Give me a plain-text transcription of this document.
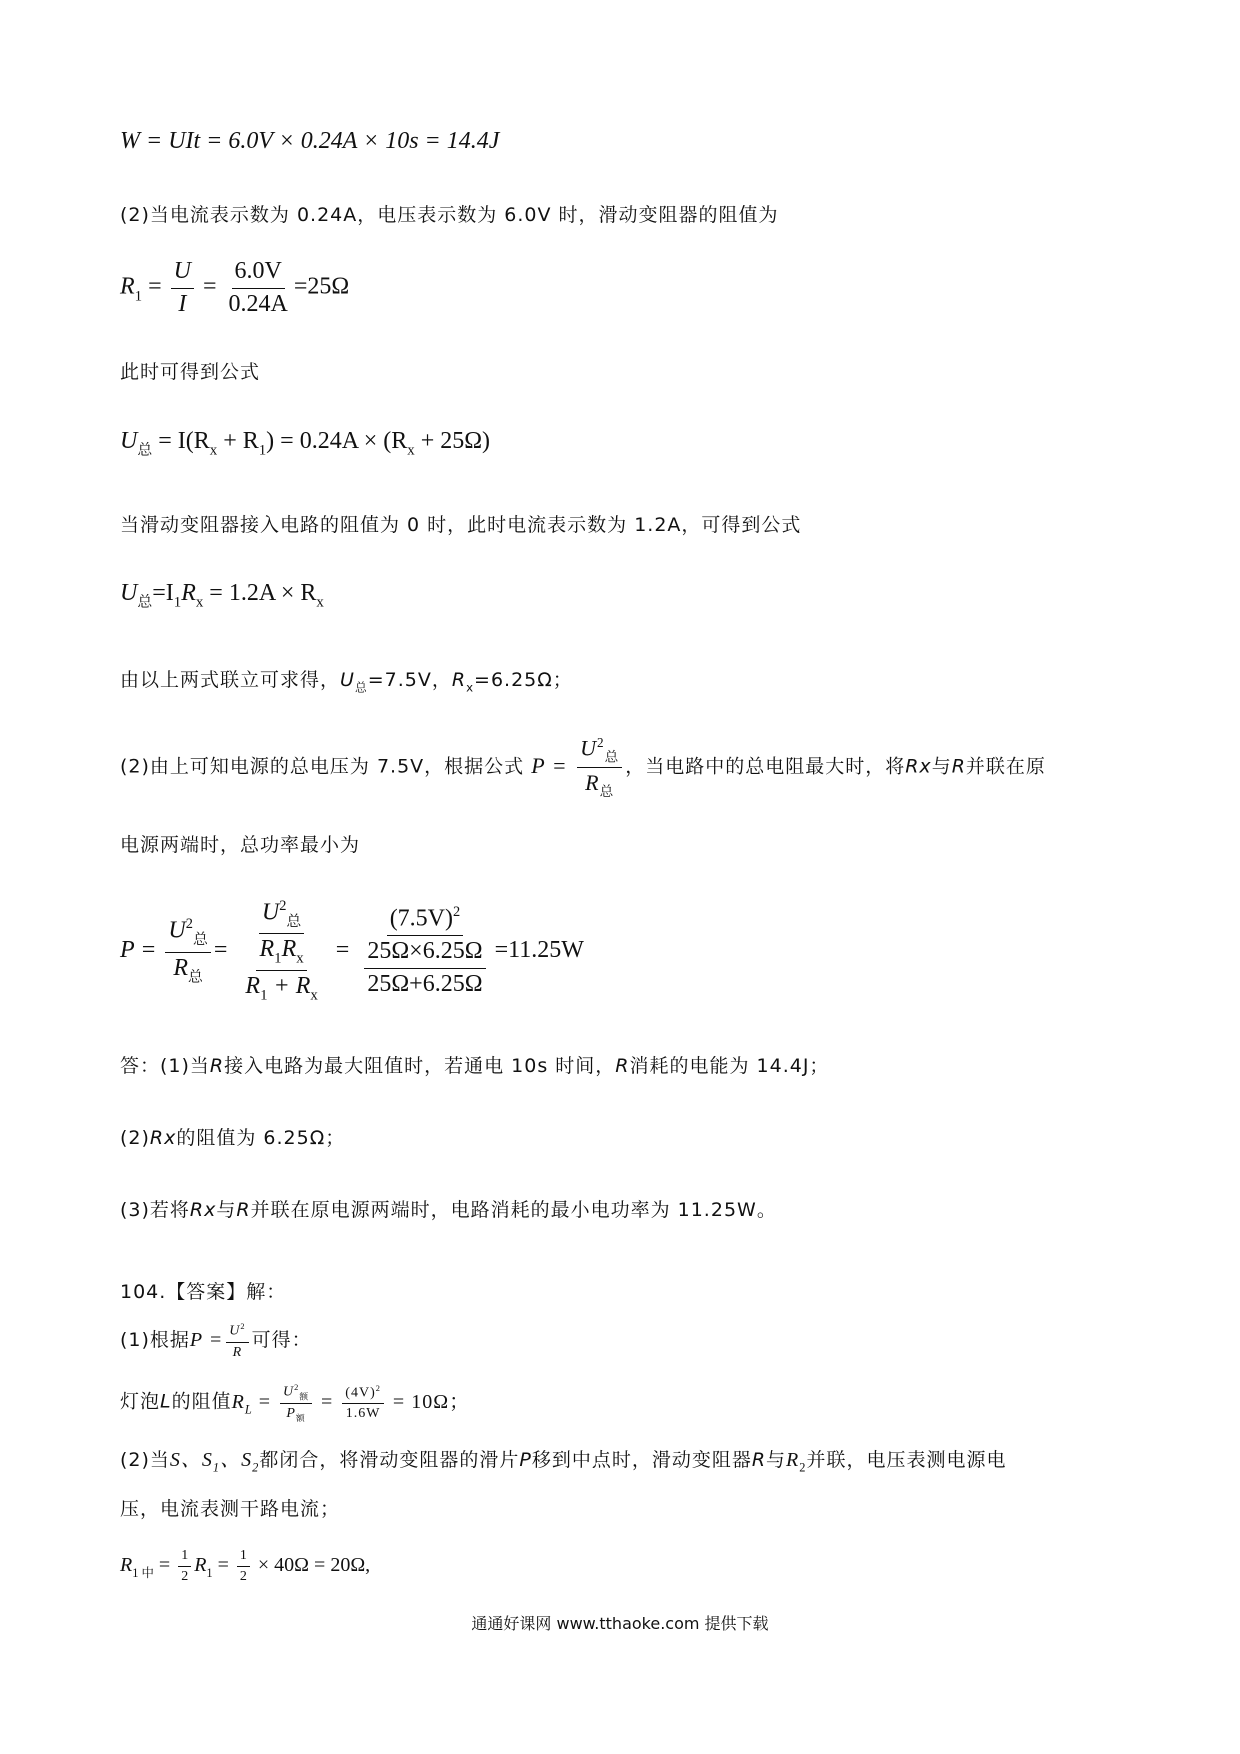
W = UIt = 6.0V × 0.24A × 10s = 14.4J
(2)当电流表示数为 0.24A，电压表示数为 6.0V 时，滑动变阻器的阻值为
$R_1 = \frac{U}{I} = \frac{6.0V}{0.24A} =25\Omega$
此时可得到公式
$U_总 = I(R_x + R_1) = 0.24A \times (R_x + 25\Omega)$
当滑动变阻器接入电路的阻值为 0 时，此时电流表示数为 1.2A，可得到公式
$U_总=I_1R_x = 1.2A \times R_x$
由以上两式联立可求得，$U_总=7.5V$，$R_x=6.25\Omega$；
(2)由上可知电源的总电压为 7.5V，根据公式 $P = \frac{U^2_总}{R_总}$ ，当电路中的总电阻最大时，将Rx与R并联在原
电源两端时，总功率最小为
$P = \frac{U^2_总}{R_总} = \frac{U^2_总}{\frac{R_1R_x}{R_1 + R_x}} = \frac{(7.5V)^2}{\frac{25\Omega\times 6.25\Omega}{25\Omega+6.25\Omega}} =11.25W$
答：(1)当R接入电路为最大阻值时，若通电 10s 时间，R消耗的电能为 14.4J；
(2)Rx的阻值为 6.25Ω；
(3)若将Rx与R并联在原电源两端时，电路消耗的最小电功率为 11.25W。
104.【答案】解：
(1)根据$P = \frac{U^2}{R}$ 可得：
灯泡L的阻值$R_L = \frac{U^2_额}{P_额} = \frac{(4V)^2}{1.6W} = 10\Omega$；
(2)当S、$S_1$、$S_2$都闭合，将滑动变阻器的滑片P移到中点时，滑动变阻器R与$R_2$并联，电压表测电源电
压，电流表测干路电流；
$R_{1 中} = \frac{1}{2} R_1 = \frac{1}{2} \times 40\Omega = 20\Omega$,
通通好课网 www.tthaoke.com 提供下载
